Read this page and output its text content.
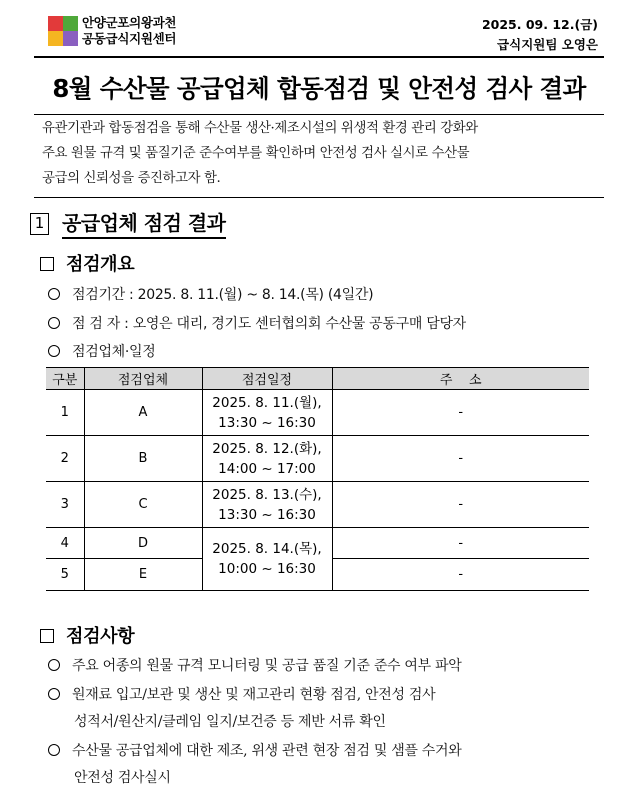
안양군포의왕과천
공동급식지원센터
2025. 09. 12.(금)
급식지원팀 오영은
8월 수산물 공급업체 합동점검 및 안전성 검사 결과
유관기관과 합동점검을 통해 수산물 생산·제조시설의 위생적 환경 관리 강화와
주요 원물 규격 및 품질기준 준수여부를 확인하며 안전성 검사 실시로 수산물
공급의 신뢰성을 증진하고자 함.
1 공급업체 점검 결과
점검개요
점검기간 : 2025. 8. 11.(월) ~ 8. 14.(목) (4일간)
점 검 자 : 오영은 대리, 경기도 센터협의회 수산물 공동구매 담당자
점검업체·일정
구분	점검업체	점검일정	주    소
1	A	2025. 8. 11.(월),
13:30 ~ 16:30	-
2	B	2025. 8. 12.(화),
14:00 ~ 17:00	-
3	C	2025. 8. 13.(수),
13:30 ~ 16:30	-
4	D	2025. 8. 14.(목),
10:00 ~ 16:30	-
5	E		-
점검사항
주요 어종의 원물 규격 모니터링 및 공급 품질 기준 준수 여부 파악
원재료 입고/보관 및 생산 및 재고관리 현황 점검, 안전성 검사
성적서/원산지/클레임 일지/보건증 등 제반 서류 확인
수산물 공급업체에 대한 제조, 위생 관련 현장 점검 및 샘플 수거와
안전성 검사실시
